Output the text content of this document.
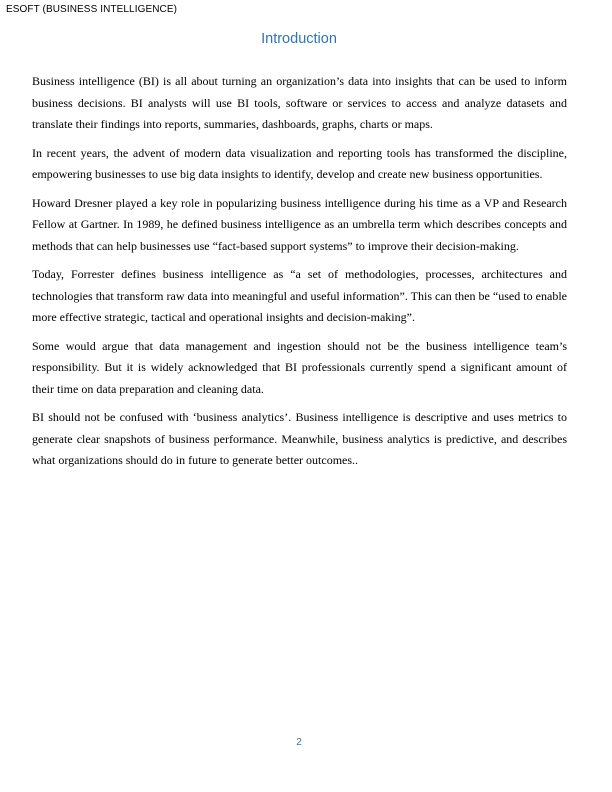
ESOFT (BUSINESS INTELLIGENCE)
Introduction

Business intelligence (BI) is all about turning an organization’s data into insights that can be used to inform business decisions. BI analysts will use BI tools, software or services to access and analyze datasets and translate their findings into reports, summaries, dashboards, graphs, charts or maps.

In recent years, the advent of modern data visualization and reporting tools has transformed the discipline, empowering businesses to use big data insights to identify, develop and create new business opportunities.

Howard Dresner played a key role in popularizing business intelligence during his time as a VP and Research Fellow at Gartner. In 1989, he defined business intelligence as an umbrella term which describes concepts and methods that can help businesses use “fact-based support systems” to improve their decision-making.

Today, Forrester defines business intelligence as “a set of methodologies, processes, architectures and technologies that transform raw data into meaningful and useful information”. This can then be “used to enable more effective strategic, tactical and operational insights and decision-making”.

Some would argue that data management and ingestion should not be the business intelligence team’s responsibility. But it is widely acknowledged that BI professionals currently spend a significant amount of their time on data preparation and cleaning data.

BI should not be confused with ‘business analytics’. Business intelligence is descriptive and uses metrics to generate clear snapshots of business performance. Meanwhile, business analytics is predictive, and describes what organizations should do in future to generate better outcomes..

2
